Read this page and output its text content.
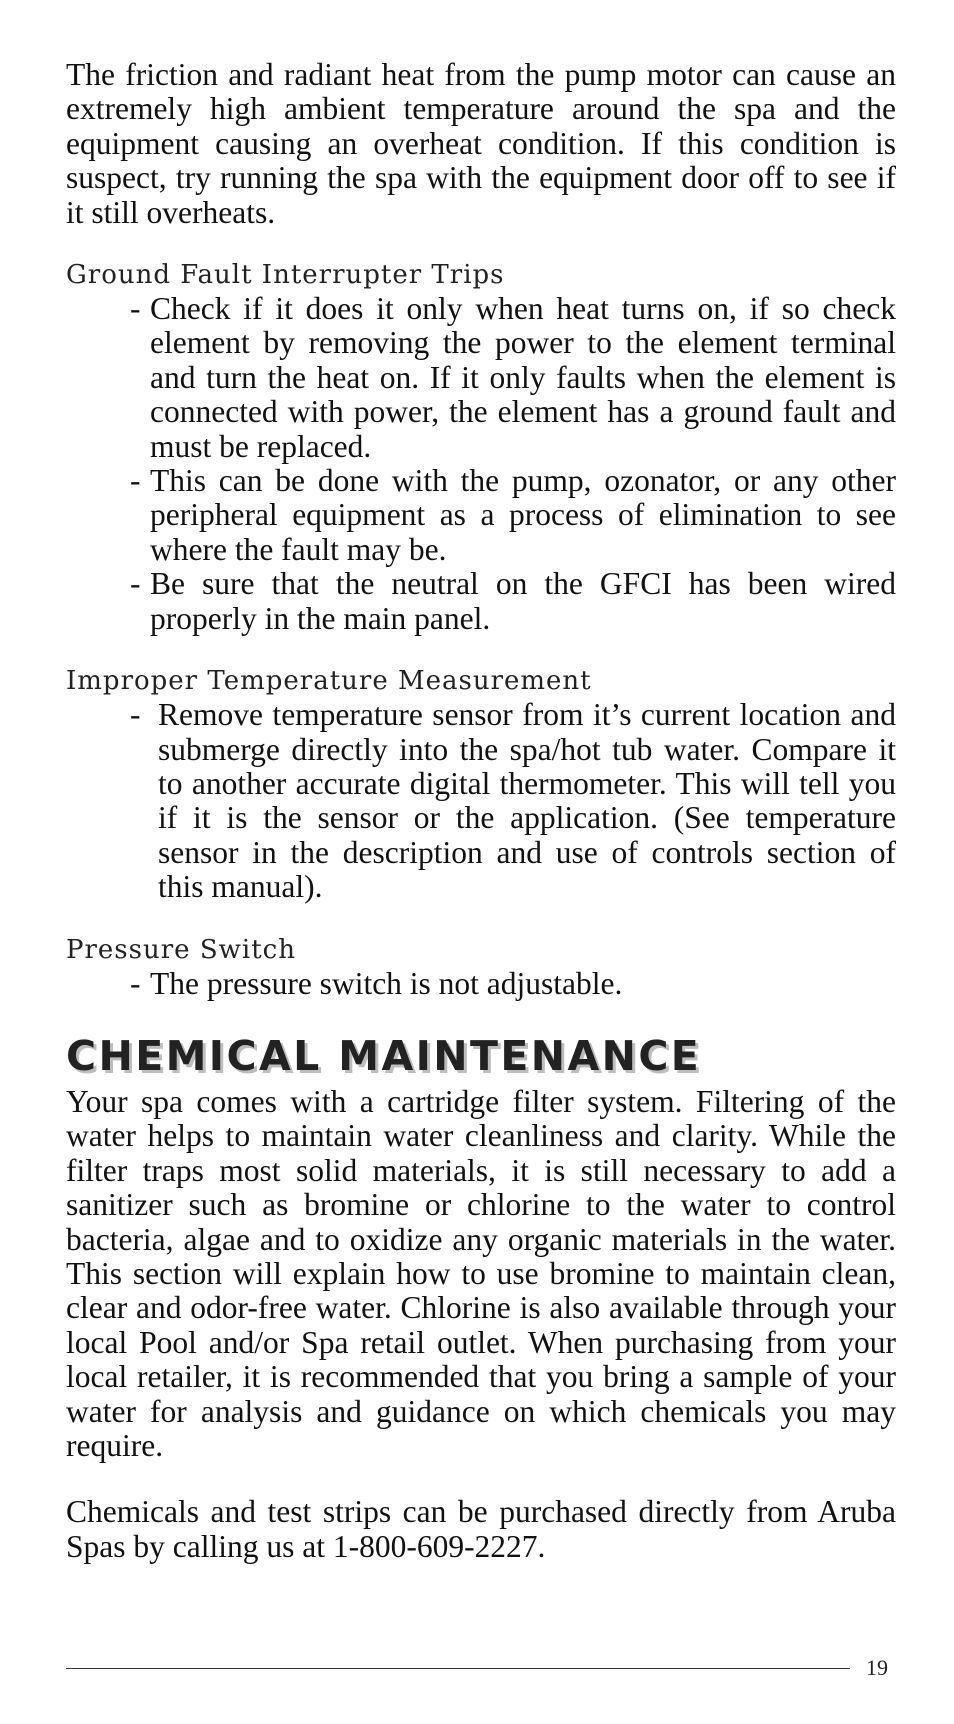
The friction and radiant heat from the pump motor can cause an extremely high ambient temperature around the spa and the equipment causing an overheat condition. If this condition is suspect, try running the spa with the equipment door off to see if it still overheats.

Ground Fault Interrupter Trips
- Check if it does it only when heat turns on, if so check element by removing the power to the element terminal and turn the heat on. If it only faults when the element is connected with power, the element has a ground fault and must be replaced.
- This can be done with the pump, ozonator, or any other peripheral equipment as a process of elimination to see where the fault may be.
- Be sure that the neutral on the GFCI has been wired properly in the main panel.
Improper Temperature Measurement
- Remove temperature sensor from it’s current location and submerge directly into the spa/hot tub water. Compare it to another accurate digital thermometer. This will tell you if it is the sensor or the application. (See temperature sensor in the description and use of controls section of this manual).
Pressure Switch
- The pressure switch is not adjustable.
CHEMICAL MAINTENANCE

Your spa comes with a cartridge filter system. Filtering of the water helps to maintain water cleanliness and clarity. While the filter traps most solid materials, it is still necessary to add a sanitizer such as bromine or chlorine to the water to control bacteria, algae and to oxidize any organic materials in the water. This section will explain how to use bromine to maintain clean, clear and odor-free water. Chlorine is also available through your local Pool and/or Spa retail outlet. When purchasing from your local retailer, it is recommended that you bring a sample of your water for analysis and guidance on which chemicals you may require.

Chemicals and test strips can be purchased directly from Aruba Spas by calling us at 1-800-609-2227.

19
